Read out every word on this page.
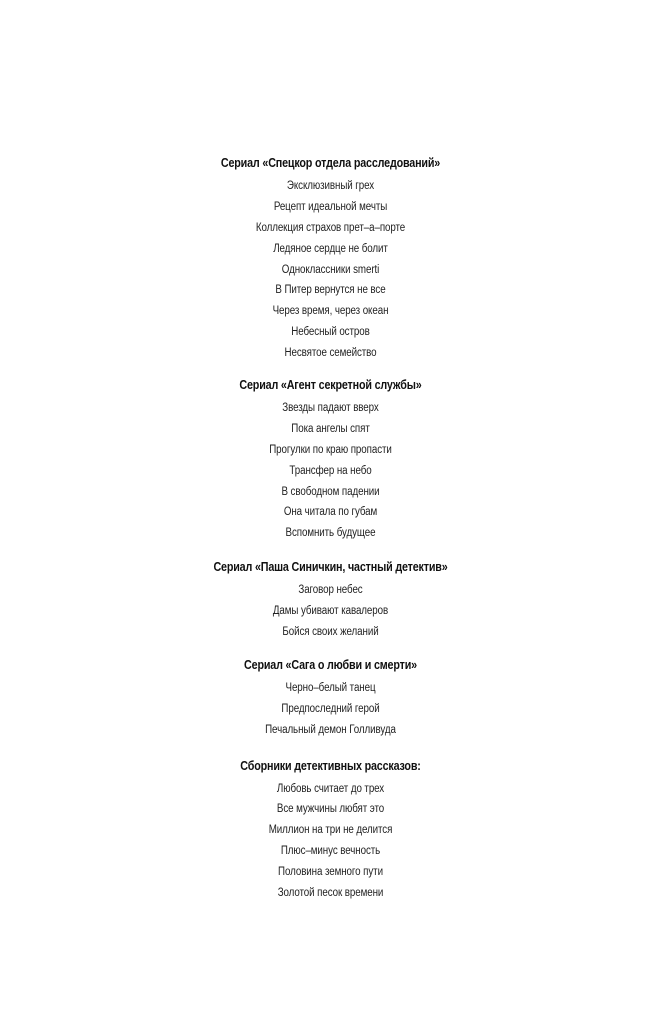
Сериал «Спецкор отдела расследований»
Эксклюзивный грех
Рецепт идеальной мечты
Коллекция страхов прет–а–порте
Ледяное сердце не болит
Одноклассники smerti
В Питер вернутся не все
Через время, через океан
Небесный остров
Несвятое семейство
Сериал «Агент секретной службы»
Звезды падают вверх
Пока ангелы спят
Прогулки по краю пропасти
Трансфер на небо
В свободном падении
Она читала по губам
Вспомнить будущее
Сериал «Паша Синичкин, частный детектив»
Заговор небес
Дамы убивают кавалеров
Бойся своих желаний
Сериал «Сага о любви и смерти»
Черно–белый танец
Предпоследний герой
Печальный демон Голливуда
Сборники детективных рассказов:
Любовь считает до трех
Все мужчины любят это
Миллион на три не делится
Плюс–минус вечность
Половина земного пути
Золотой песок времени
